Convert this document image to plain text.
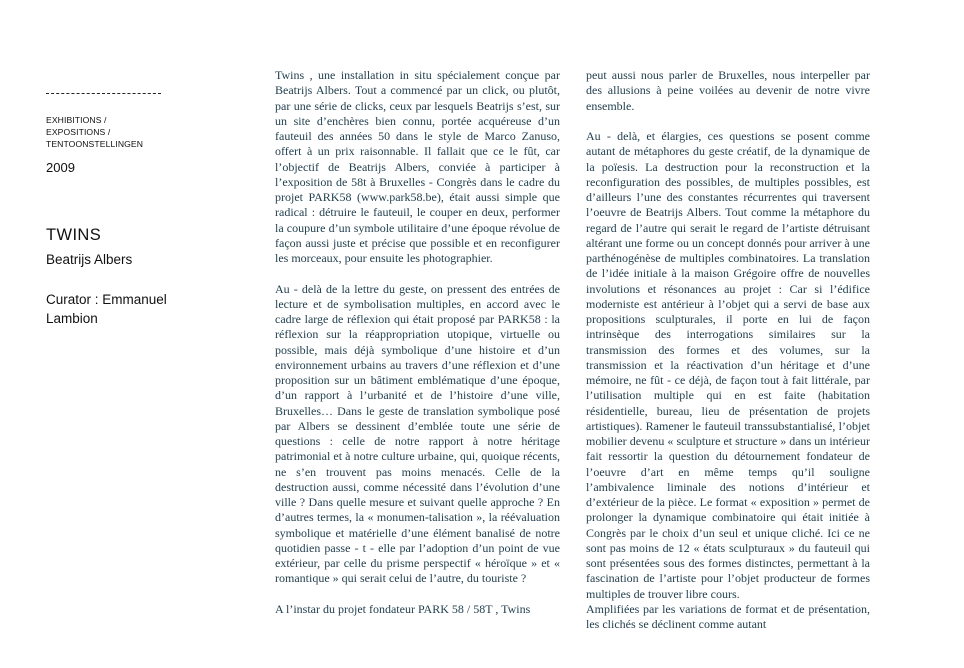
EXHIBITIONS /
EXPOSITIONS /
TENTOONSTELLINGEN
2009
TWINS
Beatrijs Albers
Curator : Emmanuel Lambion

Twins , une installation in situ spécialement conçue par Beatrijs Albers. Tout a commencé par un click, ou plutôt, par une série de clicks, ceux par lesquels Beatrijs s’est, sur un site d’enchères bien connu, portée acquéreuse d’un fauteuil des années 50 dans le style de Marco Zanuso, offert à un prix raisonnable. Il fallait que ce le fût, car l’objectif de Beatrijs Albers, conviée à participer à l’exposition de 58t à Bruxelles - Congrès dans le cadre du projet PARK58 (www.park58.be), était aussi simple que radical : détruire le fauteuil, le couper en deux, performer la coupure d’un symbole utilitaire d’une époque révolue de façon aussi juste et précise que possible et en reconfigurer les morceaux, pour ensuite les photographier.

Au - delà de la lettre du geste, on pressent des entrées de lecture et de symbolisation multiples, en accord avec le cadre large de réflexion qui était proposé par PARK58 : la réflexion sur la réappropriation utopique, virtuelle ou possible, mais déjà symbolique d’une histoire et d’un environnement urbains au travers d’une réflexion et d’une proposition sur un bâtiment emblématique d’une époque, d’un rapport à l’urbanité et de l’histoire d’une ville, Bruxelles… Dans le geste de translation symbolique posé par Albers se dessinent d’emblée toute une série de questions : celle de notre rapport à notre héritage patrimonial et à notre culture urbaine, qui, quoique récents, ne s’en trouvent pas moins menacés. Celle de la destruction aussi, comme nécessité dans l’évolution d’une ville ? Dans quelle mesure et suivant quelle approche ? En d’autres termes, la « monumen-talisation », la réévaluation symbolique et matérielle d’une élément banalisé de notre quotidien passe - t - elle par l’adoption d’un point de vue extérieur, par celle du prisme perspectif « héroïque » et « romantique » qui serait celui de l’autre, du touriste ?

A l’instar du projet fondateur PARK 58 / 58T , Twins

peut aussi nous parler de Bruxelles, nous interpeller par des allusions à peine voilées au devenir de notre vivre ensemble.

Au - delà, et élargies, ces questions se posent comme autant de métaphores du geste créatif, de la dynamique de la poïesis. La destruction pour la reconstruction et la reconfiguration des possibles, de multiples possibles, est d’ailleurs l’une des constantes récurrentes qui traversent l’oeuvre de Beatrijs Albers. Tout comme la métaphore du regard de l’autre qui serait le regard de l’artiste détruisant altérant une forme ou un concept donnés pour arriver à une parthénogénèse de multiples combinatoires. La translation de l’idée initiale à la maison Grégoire offre de nouvelles involutions et résonances au projet : Car si l’édifice moderniste est antérieur à l’objet qui a servi de base aux propositions sculpturales, il porte en lui de façon intrinsèque des interrogations similaires sur la transmission des formes et des volumes, sur la transmission et la réactivation d’un héritage et d’une mémoire, ne fût - ce déjà, de façon tout à fait littérale, par l’utilisation multiple qui en est faite (habitation résidentielle, bureau, lieu de présentation de projets artistiques). Ramener le fauteuil transsubstantialisé, l’objet mobilier devenu « sculpture et structure » dans un intérieur fait ressortir la question du détournement fondateur de l’oeuvre d’art en même temps qu’il souligne l’ambivalence liminale des notions d’intérieur et d’extérieur de la pièce. Le format « exposition » permet de prolonger la dynamique combinatoire qui était initiée à Congrès par le choix d’un seul et unique cliché. Ici ce ne sont pas moins de 12 « états sculpturaux » du fauteuil qui sont présentées sous des formes distinctes, permettant à la fascination de l’artiste pour l’objet producteur de formes multiples de trouver libre cours.

Amplifiées par les variations de format et de présentation, les clichés se déclinent comme autant
